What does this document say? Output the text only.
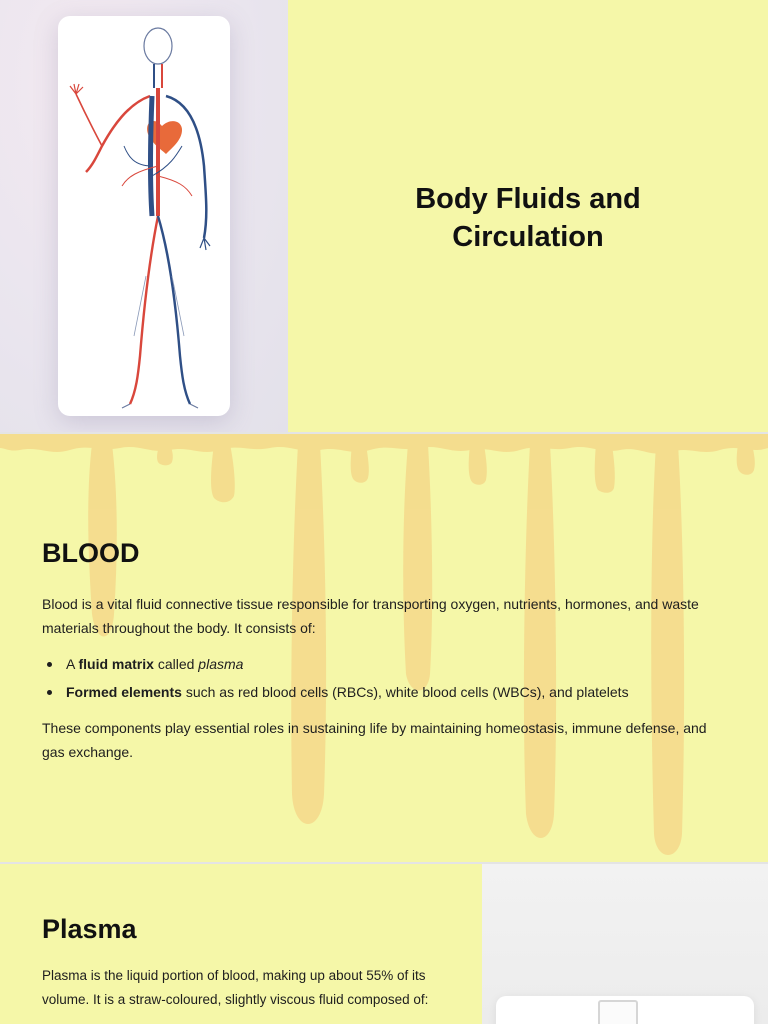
Body Fluids and
Circulation
BLOOD

Blood is a vital fluid connective tissue responsible for transporting oxygen, nutrients, hormones, and waste materials throughout the body. It consists of:

A fluid matrix called plasma
Formed elements such as red blood cells (RBCs), white blood cells (WBCs), and platelets

These components play essential roles in sustaining life by maintaining homeostasis, immune defense, and gas exchange.

Plasma

Plasma is the liquid portion of blood, making up about 55% of its volume. It is a straw-coloured, slightly viscous fluid composed of:
